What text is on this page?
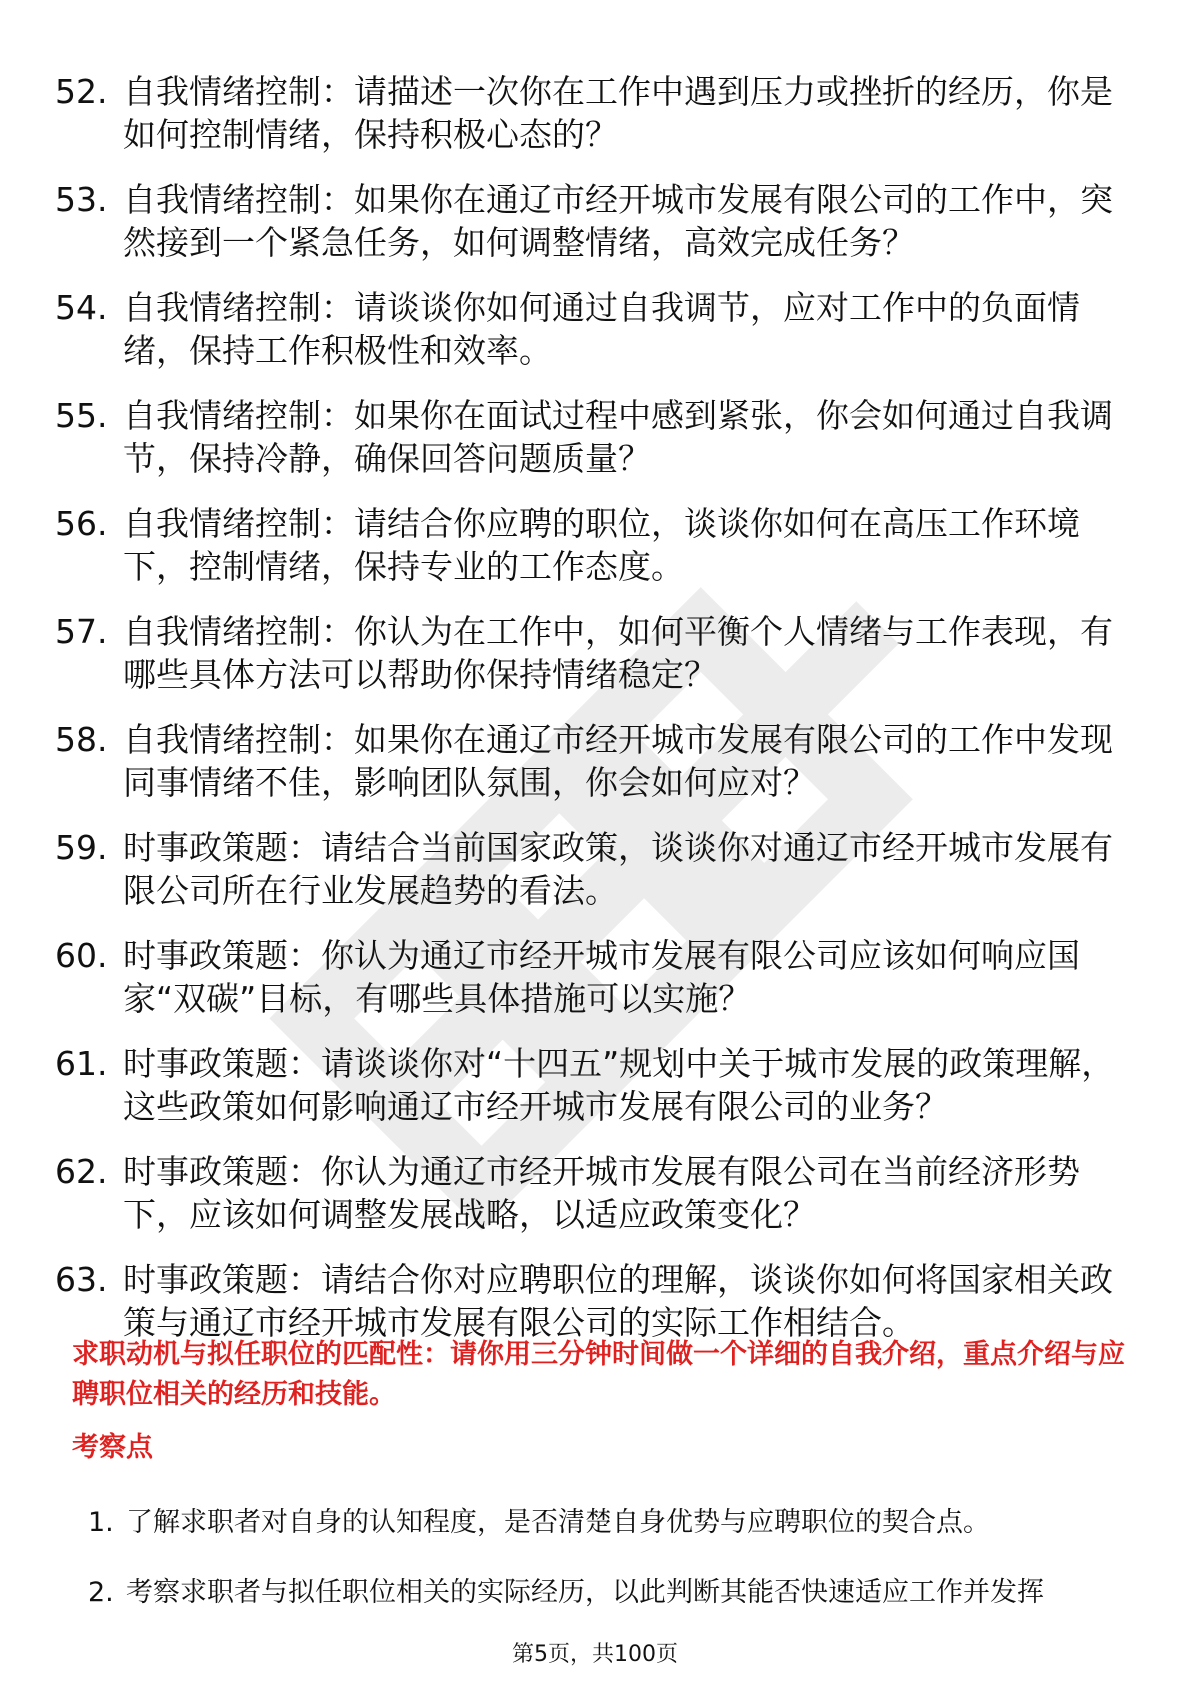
52. 自我情绪控制：请描述一次你在工作中遇到压力或挫折的经历，你是如何控制情绪，保持积极心态的？
53. 自我情绪控制：如果你在通辽市经开城市发展有限公司的工作中，突然接到一个紧急任务，如何调整情绪，高效完成任务？
54. 自我情绪控制：请谈谈你如何通过自我调节，应对工作中的负面情绪，保持工作积极性和效率。
55. 自我情绪控制：如果你在面试过程中感到紧张，你会如何通过自我调节，保持冷静，确保回答问题质量？
56. 自我情绪控制：请结合你应聘的职位，谈谈你如何在高压工作环境下，控制情绪，保持专业的工作态度。
57. 自我情绪控制：你认为在工作中，如何平衡个人情绪与工作表现，有哪些具体方法可以帮助你保持情绪稳定？
58. 自我情绪控制：如果你在通辽市经开城市发展有限公司的工作中发现同事情绪不佳，影响团队氛围，你会如何应对？
59. 时事政策题：请结合当前国家政策，谈谈你对通辽市经开城市发展有限公司所在行业发展趋势的看法。
60. 时事政策题：你认为通辽市经开城市发展有限公司应该如何响应国家“双碳”目标，有哪些具体措施可以实施？
61. 时事政策题：请谈谈你对“十四五”规划中关于城市发展的政策理解，这些政策如何影响通辽市经开城市发展有限公司的业务？
62. 时事政策题：你认为通辽市经开城市发展有限公司在当前经济形势下，应该如何调整发展战略，以适应政策变化？
63. 时事政策题：请结合你对应聘职位的理解，谈谈你如何将国家相关政策与通辽市经开城市发展有限公司的实际工作相结合。

求职动机与拟任职位的匹配性：请你用三分钟时间做一个详细的自我介绍，重点介绍与应聘职位相关的经历和技能。

考察点

1. 了解求职者对自身的认知程度，是否清楚自身优势与应聘职位的契合点。
2. 考察求职者与拟任职位相关的实际经历，以此判断其能否快速适应工作并发挥
第5页，共100页
